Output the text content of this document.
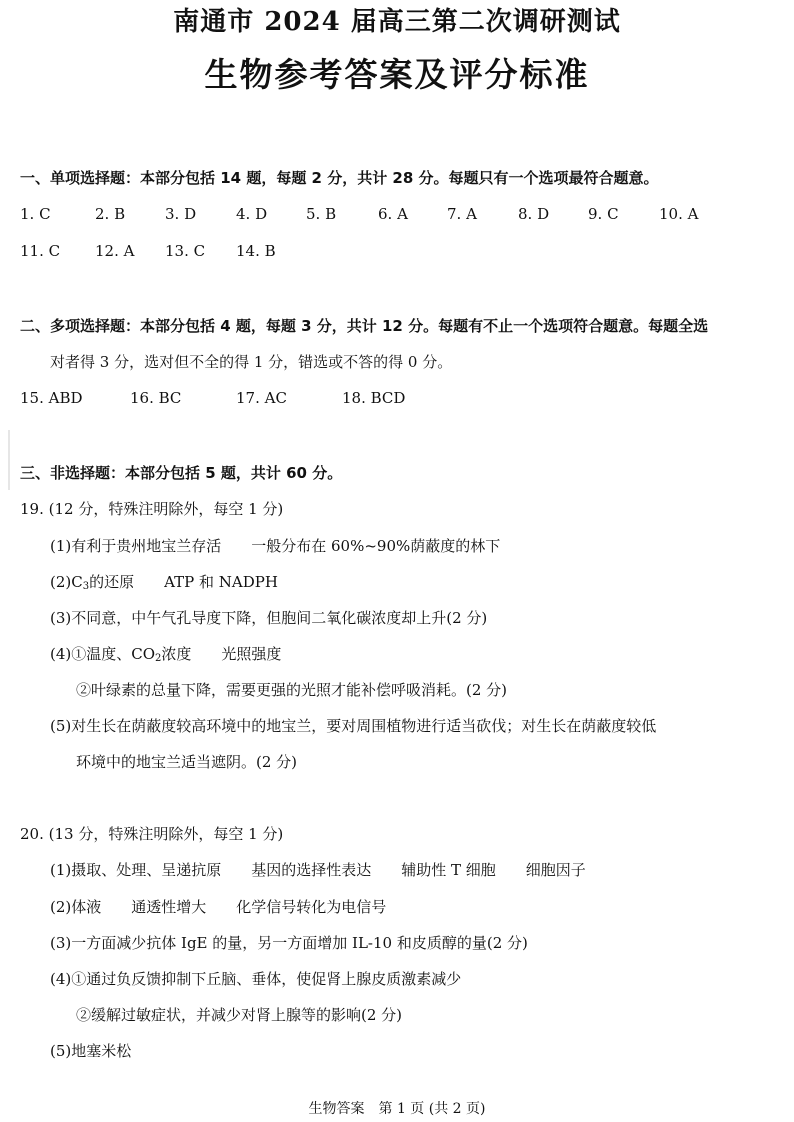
南通市 2024 届高三第二次调研测试
生物参考答案及评分标准
一、单项选择题：本部分包括 14 题，每题 2 分，共计 28 分。每题只有一个选项最符合题意。
1. C	2. B	3. D	4. D	5. B	6. A	7. A	8. D	9. C	10. A
11. C 12. A 13. C 14. B
二、多项选择题：本部分包括 4 题，每题 3 分，共计 12 分。每题有不止一个选项符合题意。每题全选
对者得 3 分，选对但不全的得 1 分，错选或不答的得 0 分。
15. ABD	16. BC	17. AC	18. BCD
三、非选择题：本部分包括 5 题，共计 60 分。
19. (12 分，特殊注明除外，每空 1 分)
(1)有利于贵州地宝兰存活　　一般分布在 60%~90%荫蔽度的林下
$(2)C_3$的还原　　ATP 和 NADPH
(3)不同意，中午气孔导度下降，但胞间二氧化碳浓度却上升(2 分)
(4)①温度、$CO_2$浓度　　光照强度
②叶绿素的总量下降，需要更强的光照才能补偿呼吸消耗。(2 分)
(5)对生长在荫蔽度较高环境中的地宝兰，要对周围植物进行适当砍伐；对生长在荫蔽度较低
环境中的地宝兰适当遮阴。(2 分)
20. (13 分，特殊注明除外，每空 1 分)
(1)摄取、处理、呈递抗原　　基因的选择性表达　　辅助性 T 细胞　　细胞因子
(2)体液　　通透性增大　　化学信号转化为电信号
(3)一方面减少抗体 IgE 的量，另一方面增加 IL-10 和皮质醇的量(2 分)
(4)①通过负反馈抑制下丘脑、垂体，使促肾上腺皮质激素减少
②缓解过敏症状，并减少对肾上腺等的影响(2 分)
(5)地塞米松
生物答案　第 1 页 (共 2 页)
